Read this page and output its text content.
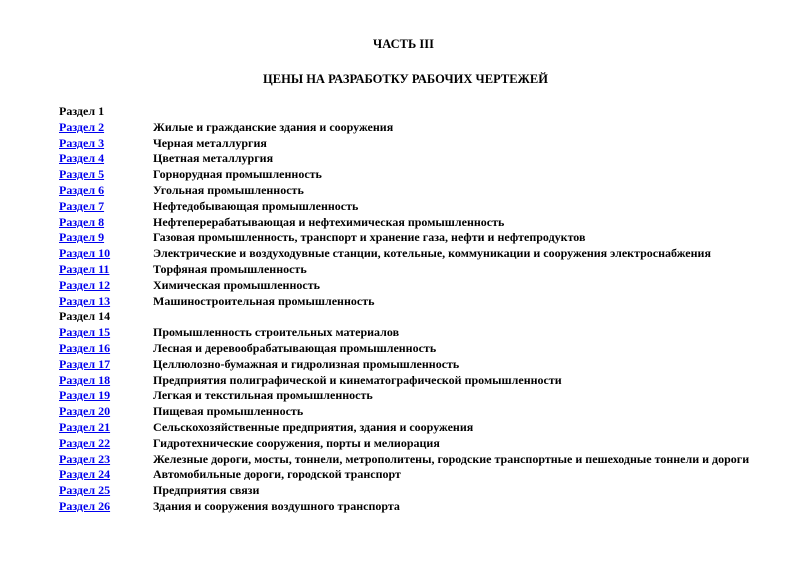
ЧАСТЬ III
ЦЕНЫ НА РАЗРАБОТКУ РАБОЧИХ ЧЕРТЕЖЕЙ
Раздел 1
Раздел 2	Жилые и гражданские здания и сооружения
Раздел 3	Черная металлургия
Раздел 4	Цветная металлургия
Раздел 5	Горнорудная промышленность
Раздел 6	Угольная промышленность
Раздел 7	Нефтедобывающая промышленность
Раздел 8	Нефтеперерабатывающая и нефтехимическая промышленность
Раздел 9	Газовая промышленность, транспорт и хранение газа, нефти и нефтепродуктов
Раздел 10	Электрические и воздуходувные станции, котельные, коммуникации и сооружения электроснабжения
Раздел 11	Торфяная промышленность
Раздел 12	Химическая промышленность
Раздел 13	Машиностроительная промышленность
Раздел 14
Раздел 15	Промышленность строительных материалов
Раздел 16	Лесная и деревообрабатывающая промышленность
Раздел 17	Целлюлозно-бумажная и гидролизная промышленность
Раздел 18	Предприятия полиграфической и кинематографической промышленности
Раздел 19	Легкая и текстильная промышленность
Раздел 20	Пищевая промышленность
Раздел 21	Сельскохозяйственные предприятия, здания и сооружения
Раздел 22	Гидротехнические сооружения, порты и мелиорация
Раздел 23	Железные дороги, мосты, тоннели, метрополитены, городские транспортные и пешеходные тоннели и дороги
Раздел 24	Автомобильные дороги, городской транспорт
Раздел 25	Предприятия связи
Раздел 26	Здания и сооружения воздушного транспорта
